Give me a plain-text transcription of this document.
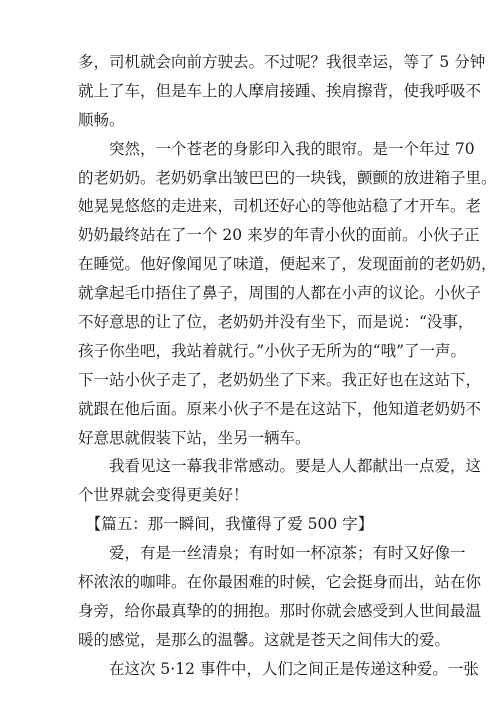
多，司机就会向前方驶去。不过呢？我很幸运，等了 5 分钟
就上了车，但是车上的人摩肩接踵、挨肩擦背，使我呼吸不
顺畅。
　　突然，一个苍老的身影印入我的眼帘。是一个年过 70
的老奶奶。老奶奶拿出皱巴巴的一块钱，颤颤的放进箱子里。
她晃晃悠悠的走进来，司机还好心的等他站稳了才开车。老
奶奶最终站在了一个 20 来岁的年青小伙的面前。小伙子正
在睡觉。他好像闻见了味道，便起来了，发现面前的老奶奶，
就拿起毛巾捂住了鼻子，周围的人都在小声的议论。小伙子
不好意思的让了位，老奶奶并没有坐下，而是说：“没事，
孩子你坐吧，我站着就行。”小伙子无所为的“哦”了一声。
下一站小伙子走了，老奶奶坐了下来。我正好也在这站下，
就跟在他后面。原来小伙子不是在这站下，他知道老奶奶不
好意思就假装下站，坐另一辆车。
　　我看见这一幕我非常感动。要是人人都献出一点爱，这
个世界就会变得更美好！
　【篇五：那一瞬间，我懂得了爱 500 字】
　　爱，有是一丝清泉；有时如一杯凉茶；有时又好像一
杯浓浓的咖啡。在你最困难的时候，它会挺身而出，站在你
身旁，给你最真挚的的拥抱。那时你就会感受到人世间最温
暖的感觉，是那么的温馨。这就是苍天之间伟大的爱。
　　在这次 5·12 事件中，人们之间正是传递这种爱。一张
